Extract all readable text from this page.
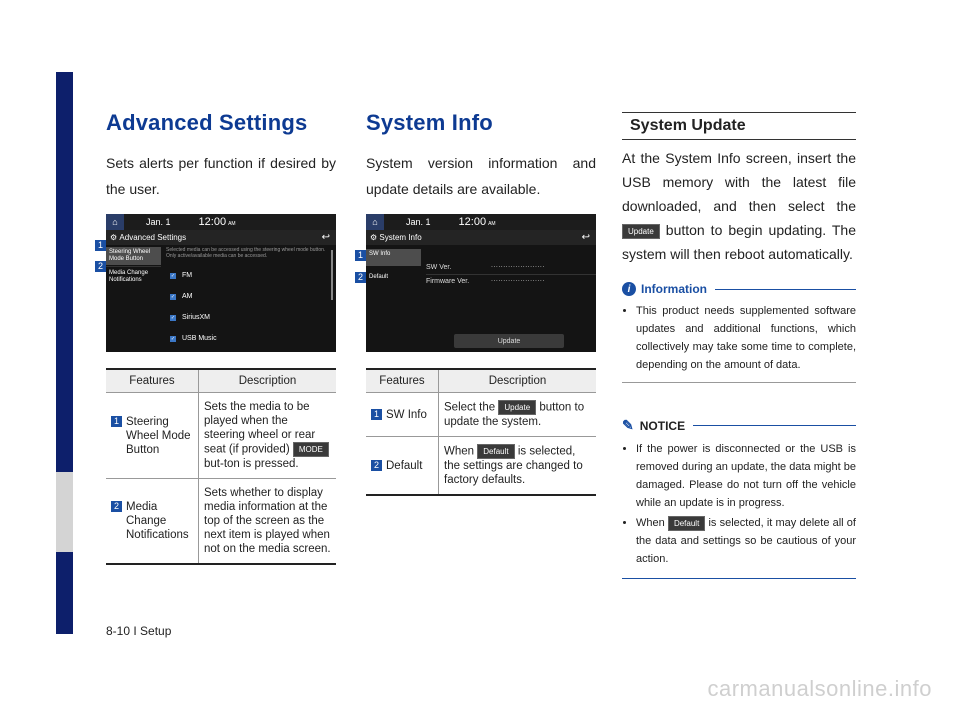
Advanced Settings

Sets alerts per function if desired by the user.

⌂	Jan. 1	12:00 AM
⚙ Advanced Settings	↩
Steering Wheel Mode Button
Media Change Notifications
Selected media can be accessed using the steering wheel mode button. Only active/available media can be accessed.
✓ FM
✓ AM
✓ SiriusXM
✓ USB Music
1
2
Features	Description

1 Steering Wheel Mode Button	Sets the media to be played when the steering wheel or rear seat (if provided) MODE but-ton is pressed.

2 Media Change Notifications	Sets whether to display media information at the top of the screen as the next item is played when not on the media screen.
System Info

System version information and update details are available.

⌂	Jan. 1	12:00 AM
⚙ System Info	↩
SW Info
Default
SW Ver.	......................
Firmware Ver.	......................
Update
1
2
Features	Description

1 SW Info	Select the Update button to update the system.

2 Default	When Default is selected, the settings are changed to factory defaults.
System Update

At the System Info screen, insert the USB memory with the latest file downloaded, and then select the Update button to begin updating. The system will then reboot automatically.

i Information
• This product needs supplemented software updates and additional functions, which collectively may take some time to complete, depending on the amount of data.
✎ NOTICE
• If the power is disconnected or the USB is removed during an update, the data might be damaged. Please do not turn off the vehicle while an update is in progress.
• When Default is selected, it may delete all of the data and settings so be cautious of your action.
8-10 I Setup
carmanualsonline.info
